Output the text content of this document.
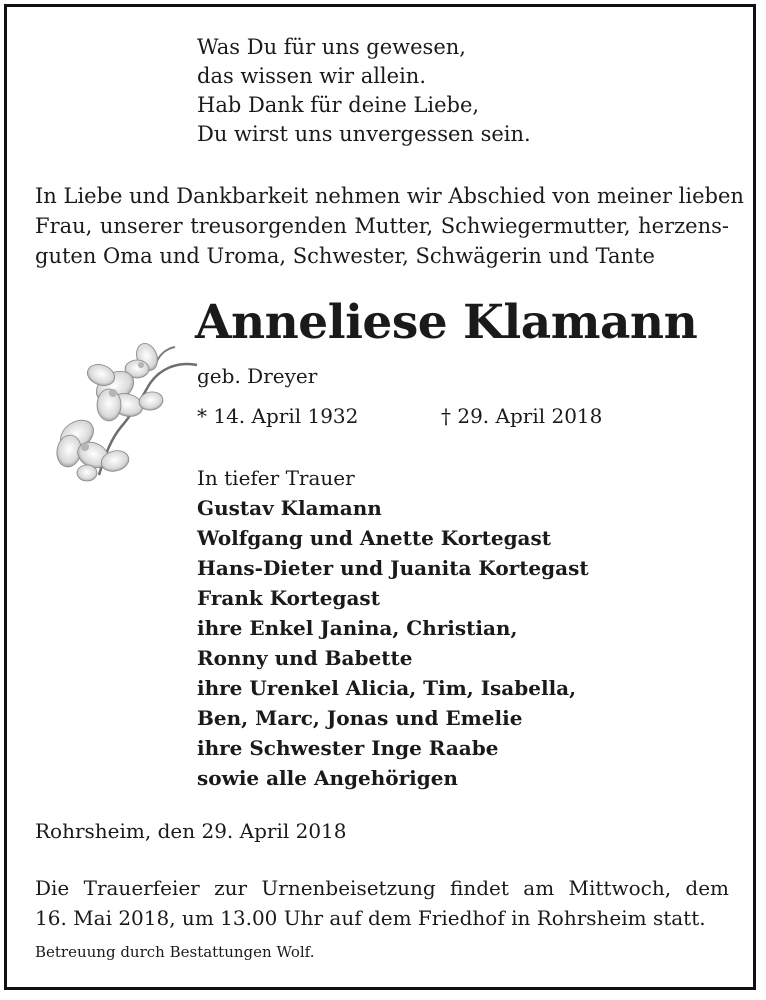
Was Du für uns gewesen,
das wissen wir allein.
Hab Dank für deine Liebe,
Du wirst uns unvergessen sein.
In Liebe und Dankbarkeit nehmen wir Abschied von meiner lieben
Frau, unserer treusorgenden Mutter, Schwiegermutter, herzens-
guten Oma und Uroma, Schwester, Schwägerin und Tante
Anneliese Klamann
geb. Dreyer
* 14. April 1932	† 29. April 2018
In tiefer Trauer
Gustav Klamann
Wolfgang und Anette Kortegast
Hans-Dieter und Juanita Kortegast
Frank Kortegast
ihre Enkel Janina, Christian,
Ronny und Babette
ihre Urenkel Alicia, Tim, Isabella,
Ben, Marc, Jonas und Emelie
ihre Schwester Inge Raabe
sowie alle Angehörigen
Rohrsheim, den 29. April 2018
Die Trauerfeier zur Urnenbeisetzung findet am Mittwoch, dem
16. Mai 2018, um 13.00 Uhr auf dem Friedhof in Rohrsheim statt.
Betreuung durch Bestattungen Wolf.
